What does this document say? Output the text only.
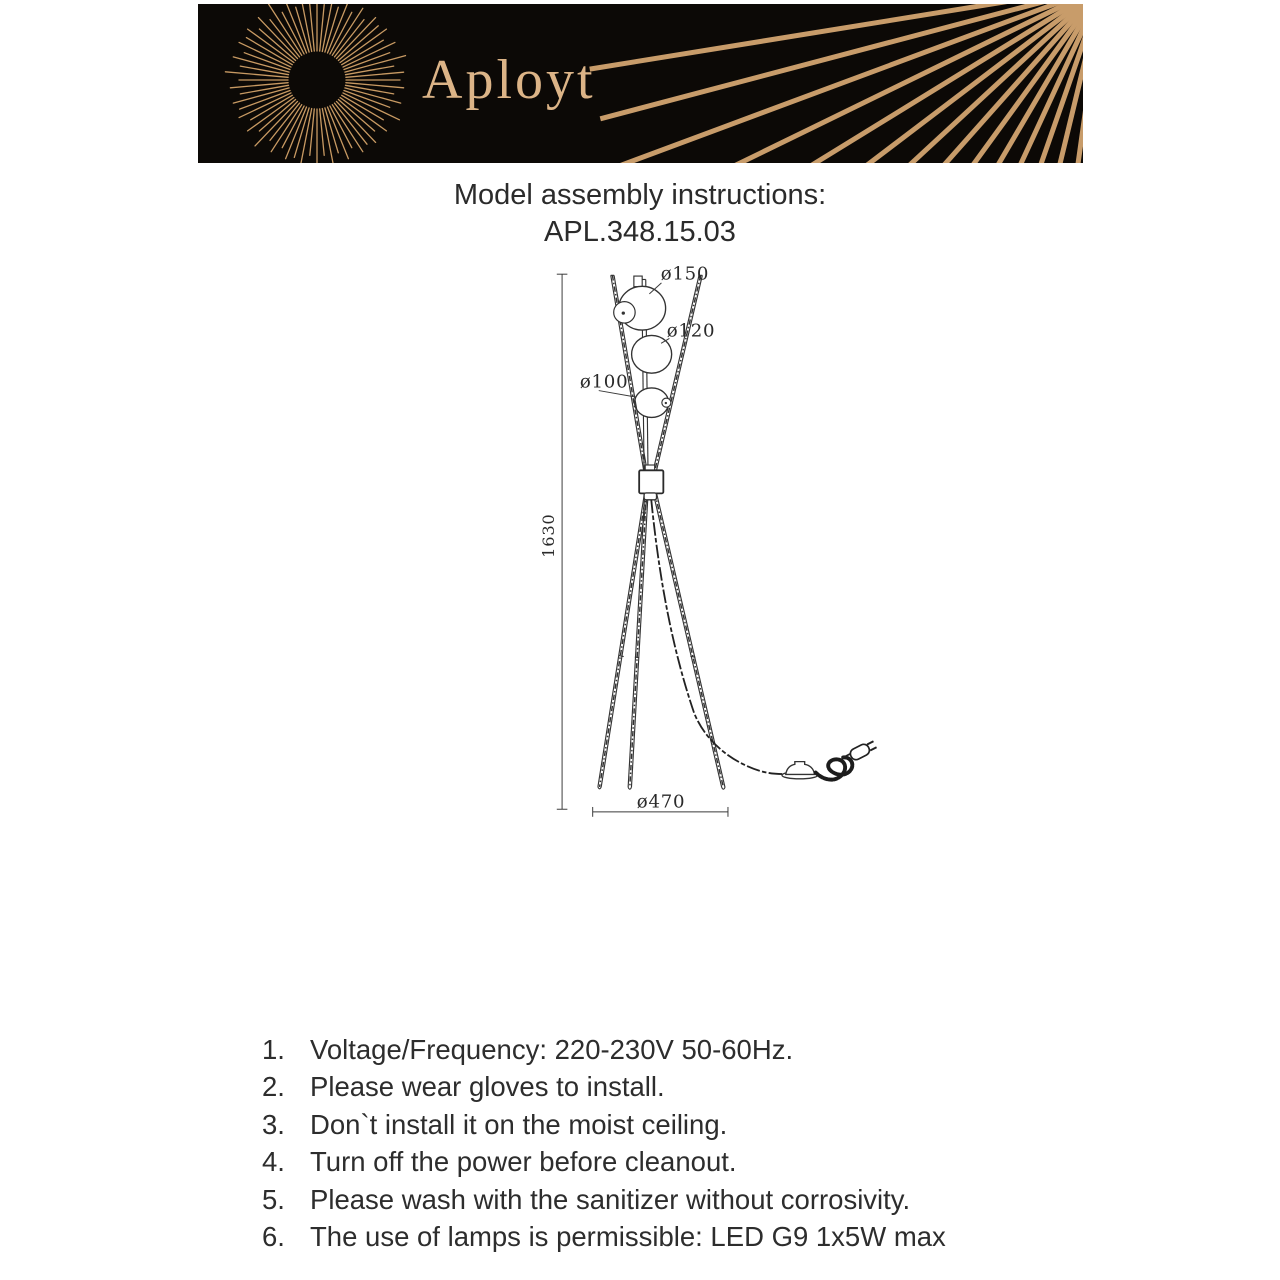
Aployt
Model assembly instructions:
APL.348.15.03
ø150
ø120
ø100
1630
ø470
1. Voltage/Frequency: 220-230V 50-60Hz.
2. Please wear gloves to install.
3. Don`t install it on the moist ceiling.
4. Turn off the power before cleanout.
5. Please wash with the sanitizer without corrosivity.
6. The use of lamps is permissible: LED G9 1x5W max
